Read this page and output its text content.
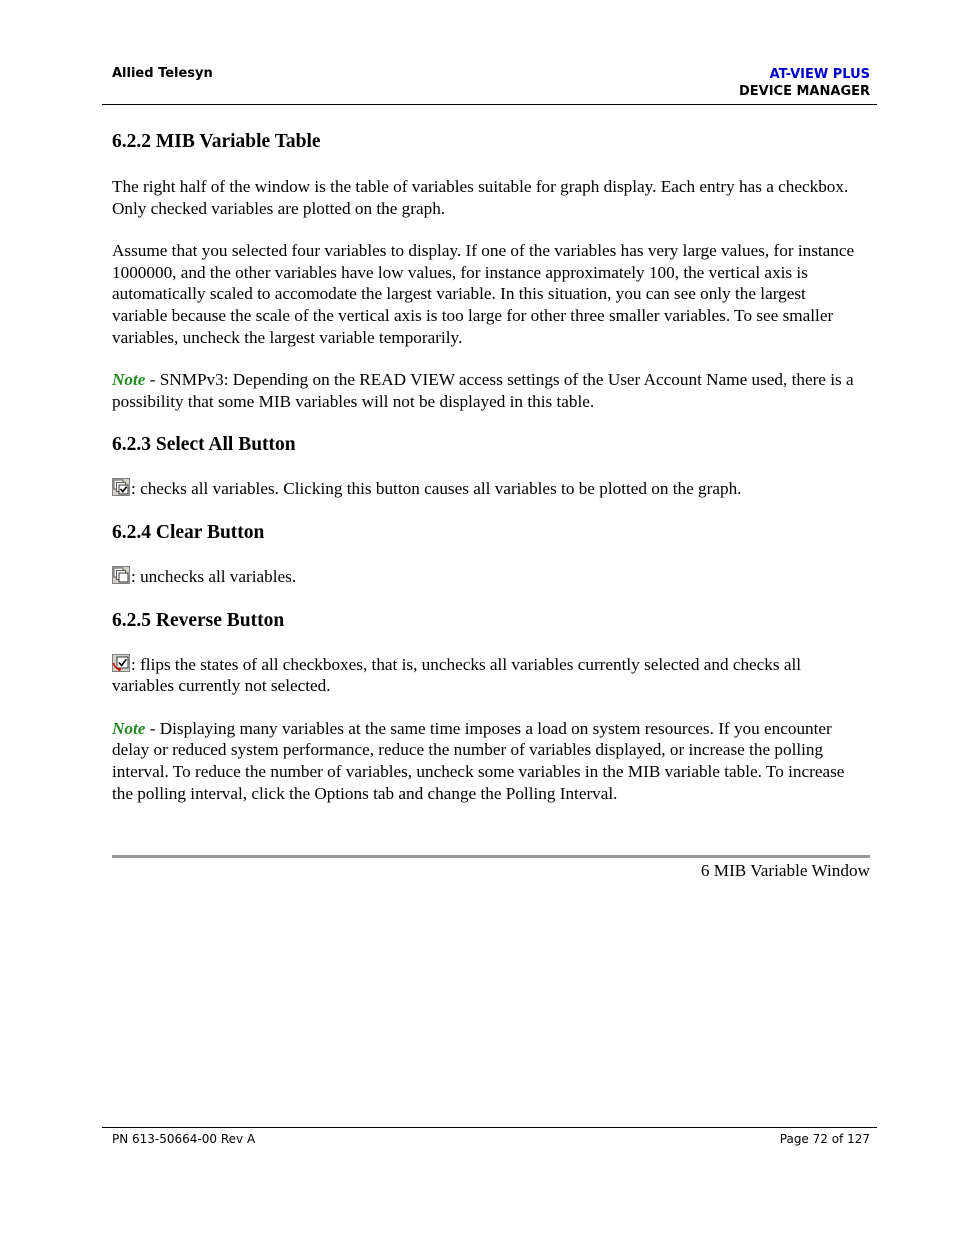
Allied Telesyn	AT-VIEW PLUS
DEVICE MANAGER
6.2.2 MIB Variable Table

The right half of the window is the table of variables suitable for graph display. Each entry has a checkbox. Only checked variables are plotted on the graph.

Assume that you selected four variables to display. If one of the variables has very large values, for instance 1000000, and the other variables have low values, for instance approximately 100, the vertical axis is automatically scaled to accomodate the largest variable. In this situation, you can see only the largest variable because the scale of the vertical axis is too large for other three smaller variables. To see smaller variables, uncheck the largest variable temporarily.

Note - SNMPv3: Depending on the READ VIEW access settings of the User Account Name used, there is a possibility that some MIB variables will not be displayed in this table.

6.2.3 Select All Button

: checks all variables. Clicking this button causes all variables to be plotted on the graph.

6.2.4 Clear Button

: unchecks all variables.

6.2.5 Reverse Button

: flips the states of all checkboxes, that is, unchecks all variables currently selected and checks all variables currently not selected.

Note - Displaying many variables at the same time imposes a load on system resources. If you encounter delay or reduced system performance, reduce the number of variables displayed, or increase the polling interval. To reduce the number of variables, uncheck some variables in the MIB variable table. To increase the polling interval, click the Options tab and change the Polling Interval.

6 MIB Variable Window
PN 613-50664-00 Rev A	Page 72 of 127
